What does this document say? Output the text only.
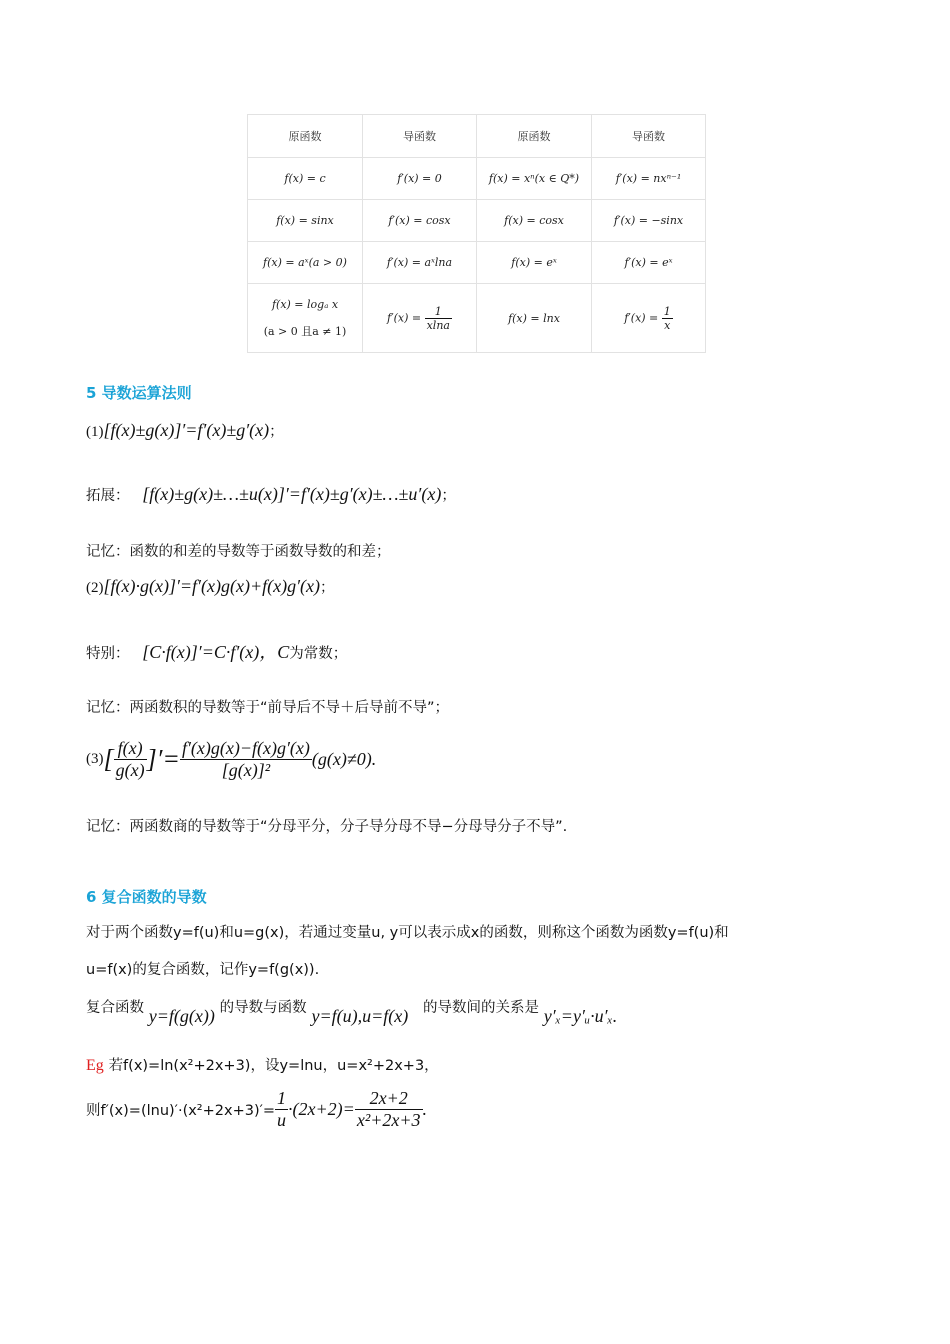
原函数	导函数	原函数	导函数
f(x) = c	f′(x) = 0	f(x) = xⁿ(x ∈ Q*)	f′(x) = nxⁿ⁻¹
f(x) = sinx	f′(x) = cosx	f(x) = cosx	f′(x) = −sinx
f(x) = aˣ(a > 0)	f′(x) = aˣlna	f(x) = eˣ	f′(x) = eˣ
f(x) = logₐ x
(a > 0 且a ≠ 1)	$f'(x) = \frac{1}{xlna}$	f(x) = lnx	$f'(x) = \frac{1}{x}$
5 导数运算法则
(1)[f(x)±g(x)]′=f′(x)±g′(x)；
拓展： [f(x)±g(x)±…±u(x)]′=f′(x)±g′(x)±…±u′(x)；
记忆：函数的和差的导数等于函数导数的和差；
(2)[f(x)·g(x)]′=f′(x)g(x)+f(x)g′(x)；
特别： [C·f(x)]′=C·f′(x)，C为常数；
记忆：两函数积的导数等于“前导后不导＋后导前不导”；
$(3)[ \frac{f(x)}{g(x)}$ ]′= $\frac{f'(x)g(x)-f(x)g'(x)}{\text{[g(x)]²}} (g(x)\ne 0)$.
记忆：两函数商的导数等于“分母平分，分子导分母不导−分母导分子不导”.
6 复合函数的导数
对于两个函数y=f(u)和u=g(x)，若通过变量u, y可以表示成x的函数，则称这个函数为函数y=f(u)和
u=f(x)的复合函数，记作y=f(g(x)).
复合函数 y=f(g(x)) 的导数与函数 y=f(u),u=f(x) 的导数间的关系是 y′ₓ=y′ᵤ·u′ₓ.
Eg 若f(x)=ln(x²+2x+3)，设y=lnu，u=x²+2x+3，
则$f'(x)=(\ln u)'\cdot(x^2+2x+3)'= \frac{1}{u} \cdot(2x+2)= \frac{2x+2}{\text{x²+2x+3}}$ .
